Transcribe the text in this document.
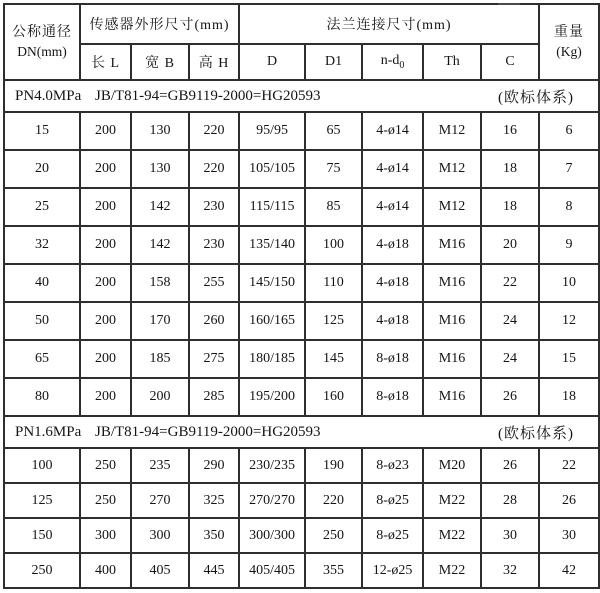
公称通径
DN(mm)
	传感器外形尺寸(mm)	法兰连接尺寸(mm)	重量
(Kg)

	长 L	宽 B	高 H	D	D1	$n-d_0$	Th	C	

PN4.0MPa JB/T81-94=GB9119-2000=HG20593 (欧标体系)									

15	200	130	220	95/95	65	4-ø14	M12	16	6
20	200	130	220	105/105	75	4-ø14	M12	18	7
25	200	142	230	115/115	85	4-ø14	M12	18	8
32	200	142	230	135/140	100	4-ø18	M16	20	9
40	200	158	255	145/150	110	4-ø18	M16	22	10
50	200	170	260	160/165	125	4-ø18	M16	24	12
65	200	185	275	180/185	145	8-ø18	M16	24	15
80	200	200	285	195/200	160	8-ø18	M16	26	18

PN1.6MPa JB/T81-94=GB9119-2000=HG20593 (欧标体系)									

100	250	235	290	230/235	190	8-ø23	M20	26	22
125	250	270	325	270/270	220	8-ø25	M22	28	26
150	300	300	350	300/300	250	8-ø25	M22	30	30
250	400	405	445	405/405	355	12-ø25	M22	32	42
